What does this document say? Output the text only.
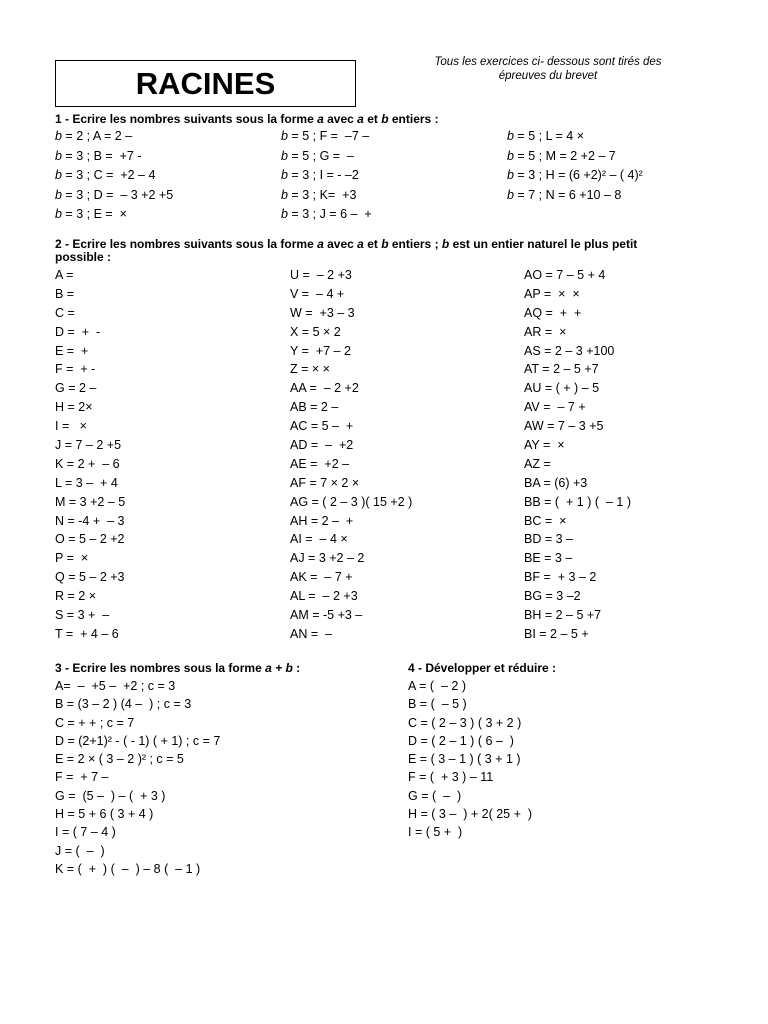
RACINES
Tous les exercices ci- dessous sont tirés des
épreuves du brevet
1 - Ecrire les nombres suivants sous la forme a avec a et b entiers :
b = 2 ; A = 2 –
b = 3 ; B =  +7 -
b = 3 ; C =  +2 – 4
b = 3 ; D =  – 3 +2 +5
b = 3 ; E =  ×
b = 5 ; F =  –7 –
b = 5 ; G =  –
b = 3 ; I = - –2
b = 3 ; K=  +3
b = 3 ; J = 6 –  +
b = 5 ; L = 4 ×
b = 5 ; M = 2 +2 – 7
b = 3 ; H = (6 +2)² – ( 4)²
b = 7 ; N = 6 +10 – 8
2 - Ecrire les nombres suivants sous la forme a avec a et b entiers ; b est un entier naturel le plus petit
possible :
A =
B =
C =
D =  +  -
E =  +
F =  + -
G = 2 –
H = 2×
I =   ×
J = 7 – 2 +5
K = 2 +  – 6
L = 3 –  + 4
M = 3 +2 – 5
N = -4 +  – 3
O = 5 – 2 +2
P =  ×
Q = 5 – 2 +3
R = 2 ×
S = 3 +  –
T =  + 4 – 6
U =  – 2 +3
V =  – 4 +
W =  +3 – 3
X = 5 × 2
Y =  +7 – 2
Z = × ×
AA =  – 2 +2
AB = 2 –
AC = 5 –  +
AD =  –  +2
AE =  +2 –
AF = 7 × 2 ×
AG = ( 2 – 3 )( 15 +2 )
AH = 2 –  +
AI =  – 4 ×
AJ = 3 +2 – 2
AK =  – 7 +
AL =  – 2 +3
AM = -5 +3 –
AN =  –
AO = 7 – 5 + 4
AP =  ×  ×
AQ =  +  +
AR =  ×
AS = 2 – 3 +100
AT = 2 – 5 +7
AU = ( + ) – 5
AV =  – 7 +
AW = 7 – 3 +5
AY =  ×
AZ =
BA = (6) +3
BB = (  + 1 ) (  – 1 )
BC =  ×
BD = 3 –
BE = 3 –
BF =  + 3 – 2
BG = 3 –2
BH = 2 – 5 +7
BI = 2 – 5 +
3 - Ecrire les nombres sous la forme a + b :
A=  –  +5 –  +2 ; c = 3
B = (3 – 2 ) (4 –  ) ; c = 3
C = + + ; c = 7
D = (2+1)² - ( - 1) ( + 1) ; c = 7
E = 2 × ( 3 – 2 )² ; c = 5
F =  + 7 –
G =  (5 –  ) – (  + 3 )
H = 5 + 6 ( 3 + 4 )
I = ( 7 – 4 )
J = (  –  )
K = (  +  ) (  –  ) – 8 (  – 1 )
4 - Développer et réduire :
A = (  – 2 )
B = (  – 5 )
C = ( 2 – 3 ) ( 3 + 2 )
D = ( 2 – 1 ) ( 6 –  )
E = ( 3 – 1 ) ( 3 + 1 )
F = (  + 3 ) – 11
G = (  –  )
H = ( 3 –  ) + 2( 25 +  )
I = ( 5 +  )
